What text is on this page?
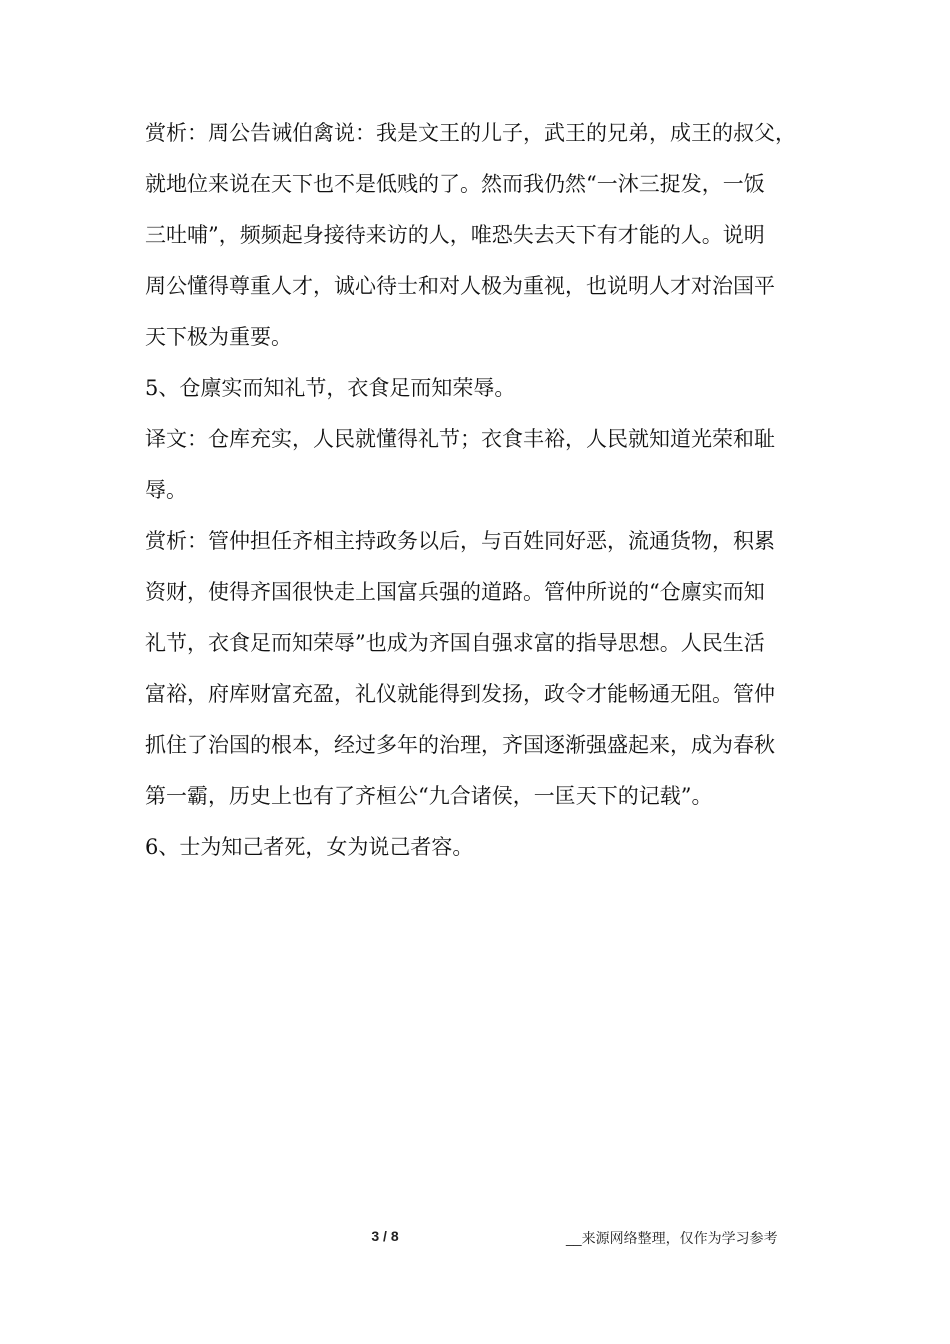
赏析：周公告诫伯禽说：我是文王的儿子，武王的兄弟，成王的叔父，
就地位来说在天下也不是低贱的了。然而我仍然“一沐三捉发，一饭
三吐哺”，频频起身接待来访的人，唯恐失去天下有才能的人。说明
周公懂得尊重人才，诚心待士和对人极为重视，也说明人才对治国平
天下极为重要。
5、仓廪实而知礼节，衣食足而知荣辱。
译文：仓库充实，人民就懂得礼节；衣食丰裕，人民就知道光荣和耻
辱。
赏析：管仲担任齐相主持政务以后，与百姓同好恶，流通货物，积累
资财，使得齐国很快走上国富兵强的道路。管仲所说的“仓廪实而知
礼节，衣食足而知荣辱”也成为齐国自强求富的指导思想。人民生活
富裕，府库财富充盈，礼仪就能得到发扬，政令才能畅通无阻。管仲
抓住了治国的根本，经过多年的治理，齐国逐渐强盛起来，成为春秋
第一霸，历史上也有了齐桓公“九合诸侯，一匡天下的记载”。
6、士为知己者死，女为说己者容。
3 / 8	__来源网络整理，仅作为学习参考
